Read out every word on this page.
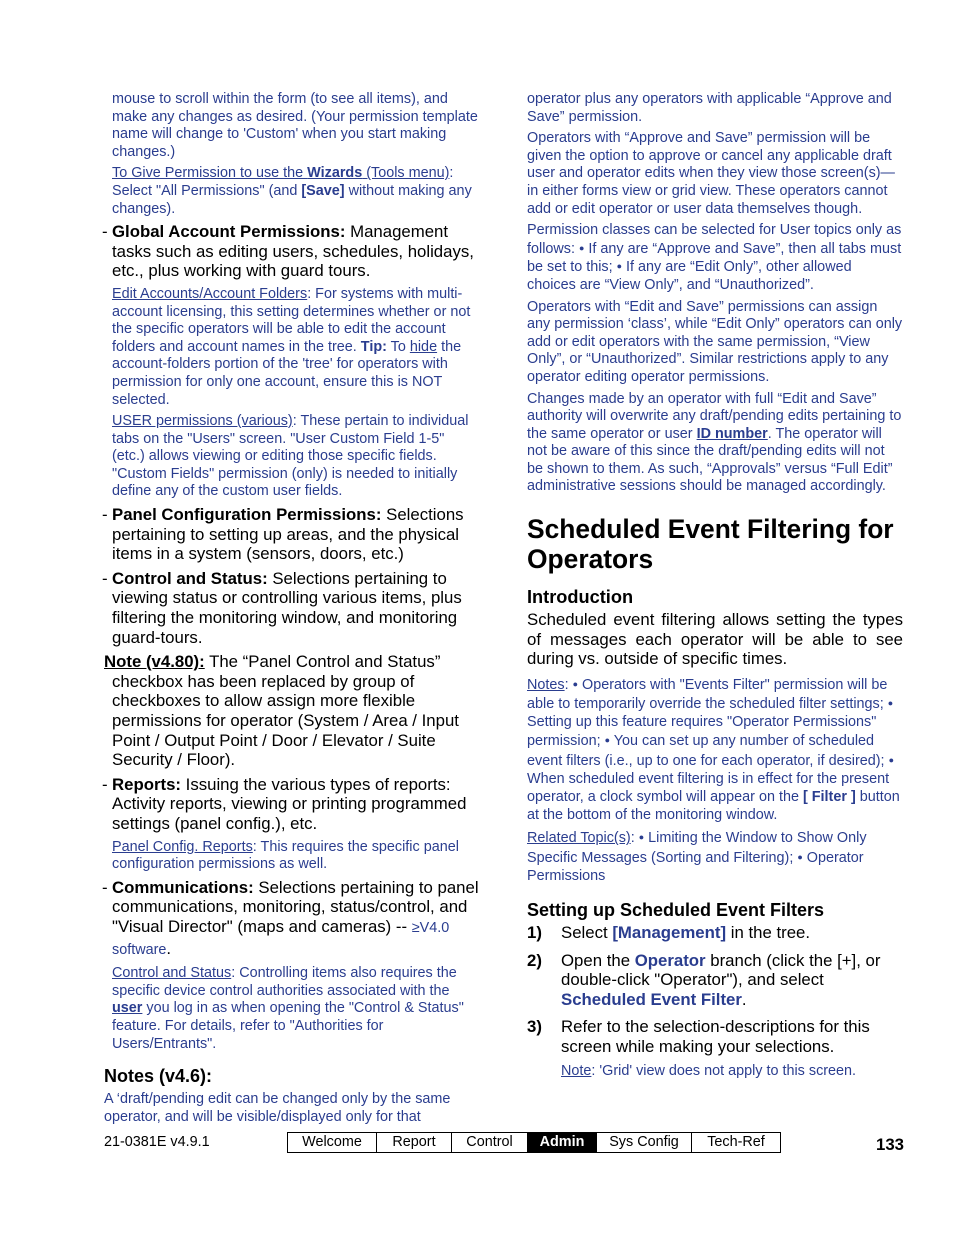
mouse to scroll within the form (to see all items), and make any changes as desired. (Your permission template name will change to 'Custom' when you start making changes.)

To Give Permission to use the Wizards (Tools menu): Select "All Permissions" (and [Save] without making any changes).

- Global Account Permissions: Management tasks such as editing users, schedules, holidays, etc., plus working with guard tours.

Edit Accounts/Account Folders: For systems with multi-account licensing, this setting determines whether or not the specific operators will be able to edit the account folders and account names in the tree. Tip: To hide the account-folders portion of the 'tree' for operators with permission for only one account, ensure this is NOT selected.

USER permissions (various): These pertain to individual tabs on the "Users" screen. "User Custom Field 1-5" (etc.) allows viewing or editing those specific fields. "Custom Fields" permission (only) is needed to initially define any of the custom user fields.

- Panel Configuration Permissions: Selections pertaining to setting up areas, and the physical items in a system (sensors, doors, etc.)
- Control and Status: Selections pertaining to viewing status or controlling various items, plus filtering the monitoring window, and monitoring guard-tours.

Note (v4.80): The “Panel Control and Status” checkbox has been replaced by group of checkboxes to allow assign more flexible permissions for operator (System / Area / Input Point / Output Point / Door / Elevator / Suite Security / Floor).

- Reports: Issuing the various types of reports: Activity reports, viewing or printing programmed settings (panel config.), etc.

Panel Config. Reports: This requires the specific panel configuration permissions as well.

- Communications: Selections pertaining to panel communications, monitoring, status/control, and "Visual Director" (maps and cameras) -- ≥V4.0 software.

Control and Status: Controlling items also requires the specific device control authorities associated with the user you log in as when opening the "Control & Status" feature. For details, refer to "Authorities for Users/Entrants".

Notes (v4.6):

A ‘draft/pending edit can be changed only by the same operator, and will be visible/displayed only for that

operator plus any operators with applicable “Approve and Save” permission.

Operators with “Approve and Save” permission will be given the option to approve or cancel any applicable draft user and operator edits when they view those screen(s)—in either forms view or grid view. These operators cannot add or edit operator or user data themselves though.

Permission classes can be selected for User topics only as follows: ● If any are “Approve and Save”, then all tabs must be set to this; ● If any are “Edit Only”, other allowed choices are “View Only”, and “Unauthorized”.

Operators with “Edit and Save” permissions can assign any permission ‘class’, while “Edit Only” operators can only add or edit operators with the same permission, “View Only”, or “Unauthorized”. Similar restrictions apply to any operator editing operator permissions.

Changes made by an operator with full “Edit and Save” authority will overwrite any draft/pending edits pertaining to the same operator or user ID number. The operator will not be aware of this since the draft/pending edits will not be shown to them. As such, “Approvals” versus “Full Edit” administrative sessions should be managed accordingly.

Scheduled Event Filtering for Operators
Introduction

Scheduled event filtering allows setting the types of messages each operator will be able to see during vs. outside of specific times.

Notes: ● Operators with "Events Filter" permission will be able to temporarily override the scheduled filter settings; ● Setting up this feature requires "Operator Permissions" permission; ● You can set up any number of scheduled event filters (i.e., up to one for each operator, if desired); ● When scheduled event filtering is in effect for the present operator, a clock symbol will appear on the [ Filter ] button at the bottom of the monitoring window.

Related Topic(s): ● Limiting the Window to Show Only Specific Messages (Sorting and Filtering); ● Operator Permissions

Setting up Scheduled Event Filters
1)	Select [Management] in the tree.
2)	Open the Operator branch (click the [+], or double-click "Operator"), and select Scheduled Event Filter.
3)	Refer to the selection-descriptions for this screen while making your selections.

Note: 'Grid' view does not apply to this screen.

21-0381E v4.9.1	Welcome	Report	Control	Admin	Sys Config	Tech-Ref	133
